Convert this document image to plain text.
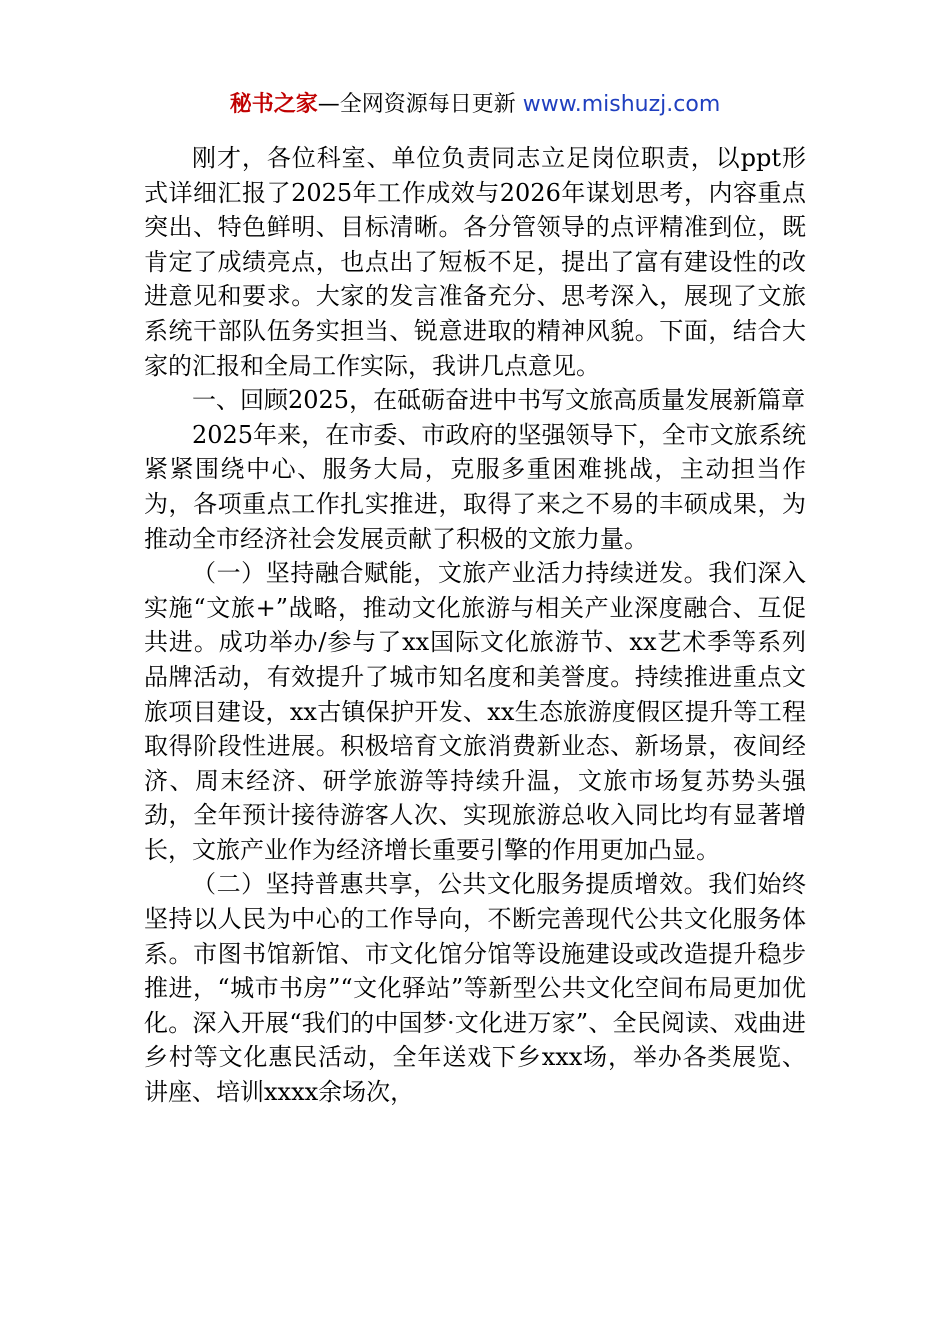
秘书之家—全网资源每日更新 www.mishuzj.com

刚才，各位科室、单位负责同志立足岗位职责，以ppt形式详细汇报了2025年工作成效与2026年谋划思考，内容重点突出、特色鲜明、目标清晰。各分管领导的点评精准到位，既肯定了成绩亮点，也点出了短板不足，提出了富有建设性的改进意见和要求。大家的发言准备充分、思考深入，展现了文旅系统干部队伍务实担当、锐意进取的精神风貌。下面，结合大家的汇报和全局工作实际，我讲几点意见。

一、回顾2025，在砥砺奋进中书写文旅高质量发展新篇章

2025年来，在市委、市政府的坚强领导下，全市文旅系统紧紧围绕中心、服务大局，克服多重困难挑战，主动担当作为，各项重点工作扎实推进，取得了来之不易的丰硕成果，为推动全市经济社会发展贡献了积极的文旅力量。

（一）坚持融合赋能，文旅产业活力持续迸发。我们深入实施“文旅+”战略，推动文化旅游与相关产业深度融合、互促共进。成功举办/参与了xx国际文化旅游节、xx艺术季等系列品牌活动，有效提升了城市知名度和美誉度。持续推进重点文旅项目建设，xx古镇保护开发、xx生态旅游度假区提升等工程取得阶段性进展。积极培育文旅消费新业态、新场景，夜间经济、周末经济、研学旅游等持续升温，文旅市场复苏势头强劲，全年预计接待游客人次、实现旅游总收入同比均有显著增长，文旅产业作为经济增长重要引擎的作用更加凸显。

（二）坚持普惠共享，公共文化服务提质增效。我们始终坚持以人民为中心的工作导向，不断完善现代公共文化服务体系。市图书馆新馆、市文化馆分馆等设施建设或改造提升稳步推进，“城市书房”“文化驿站”等新型公共文化空间布局更加优化。深入开展“我们的中国梦·文化进万家”、全民阅读、戏曲进乡村等文化惠民活动，全年送戏下乡xxx场，举办各类展览、讲座、培训xxxx余场次，
